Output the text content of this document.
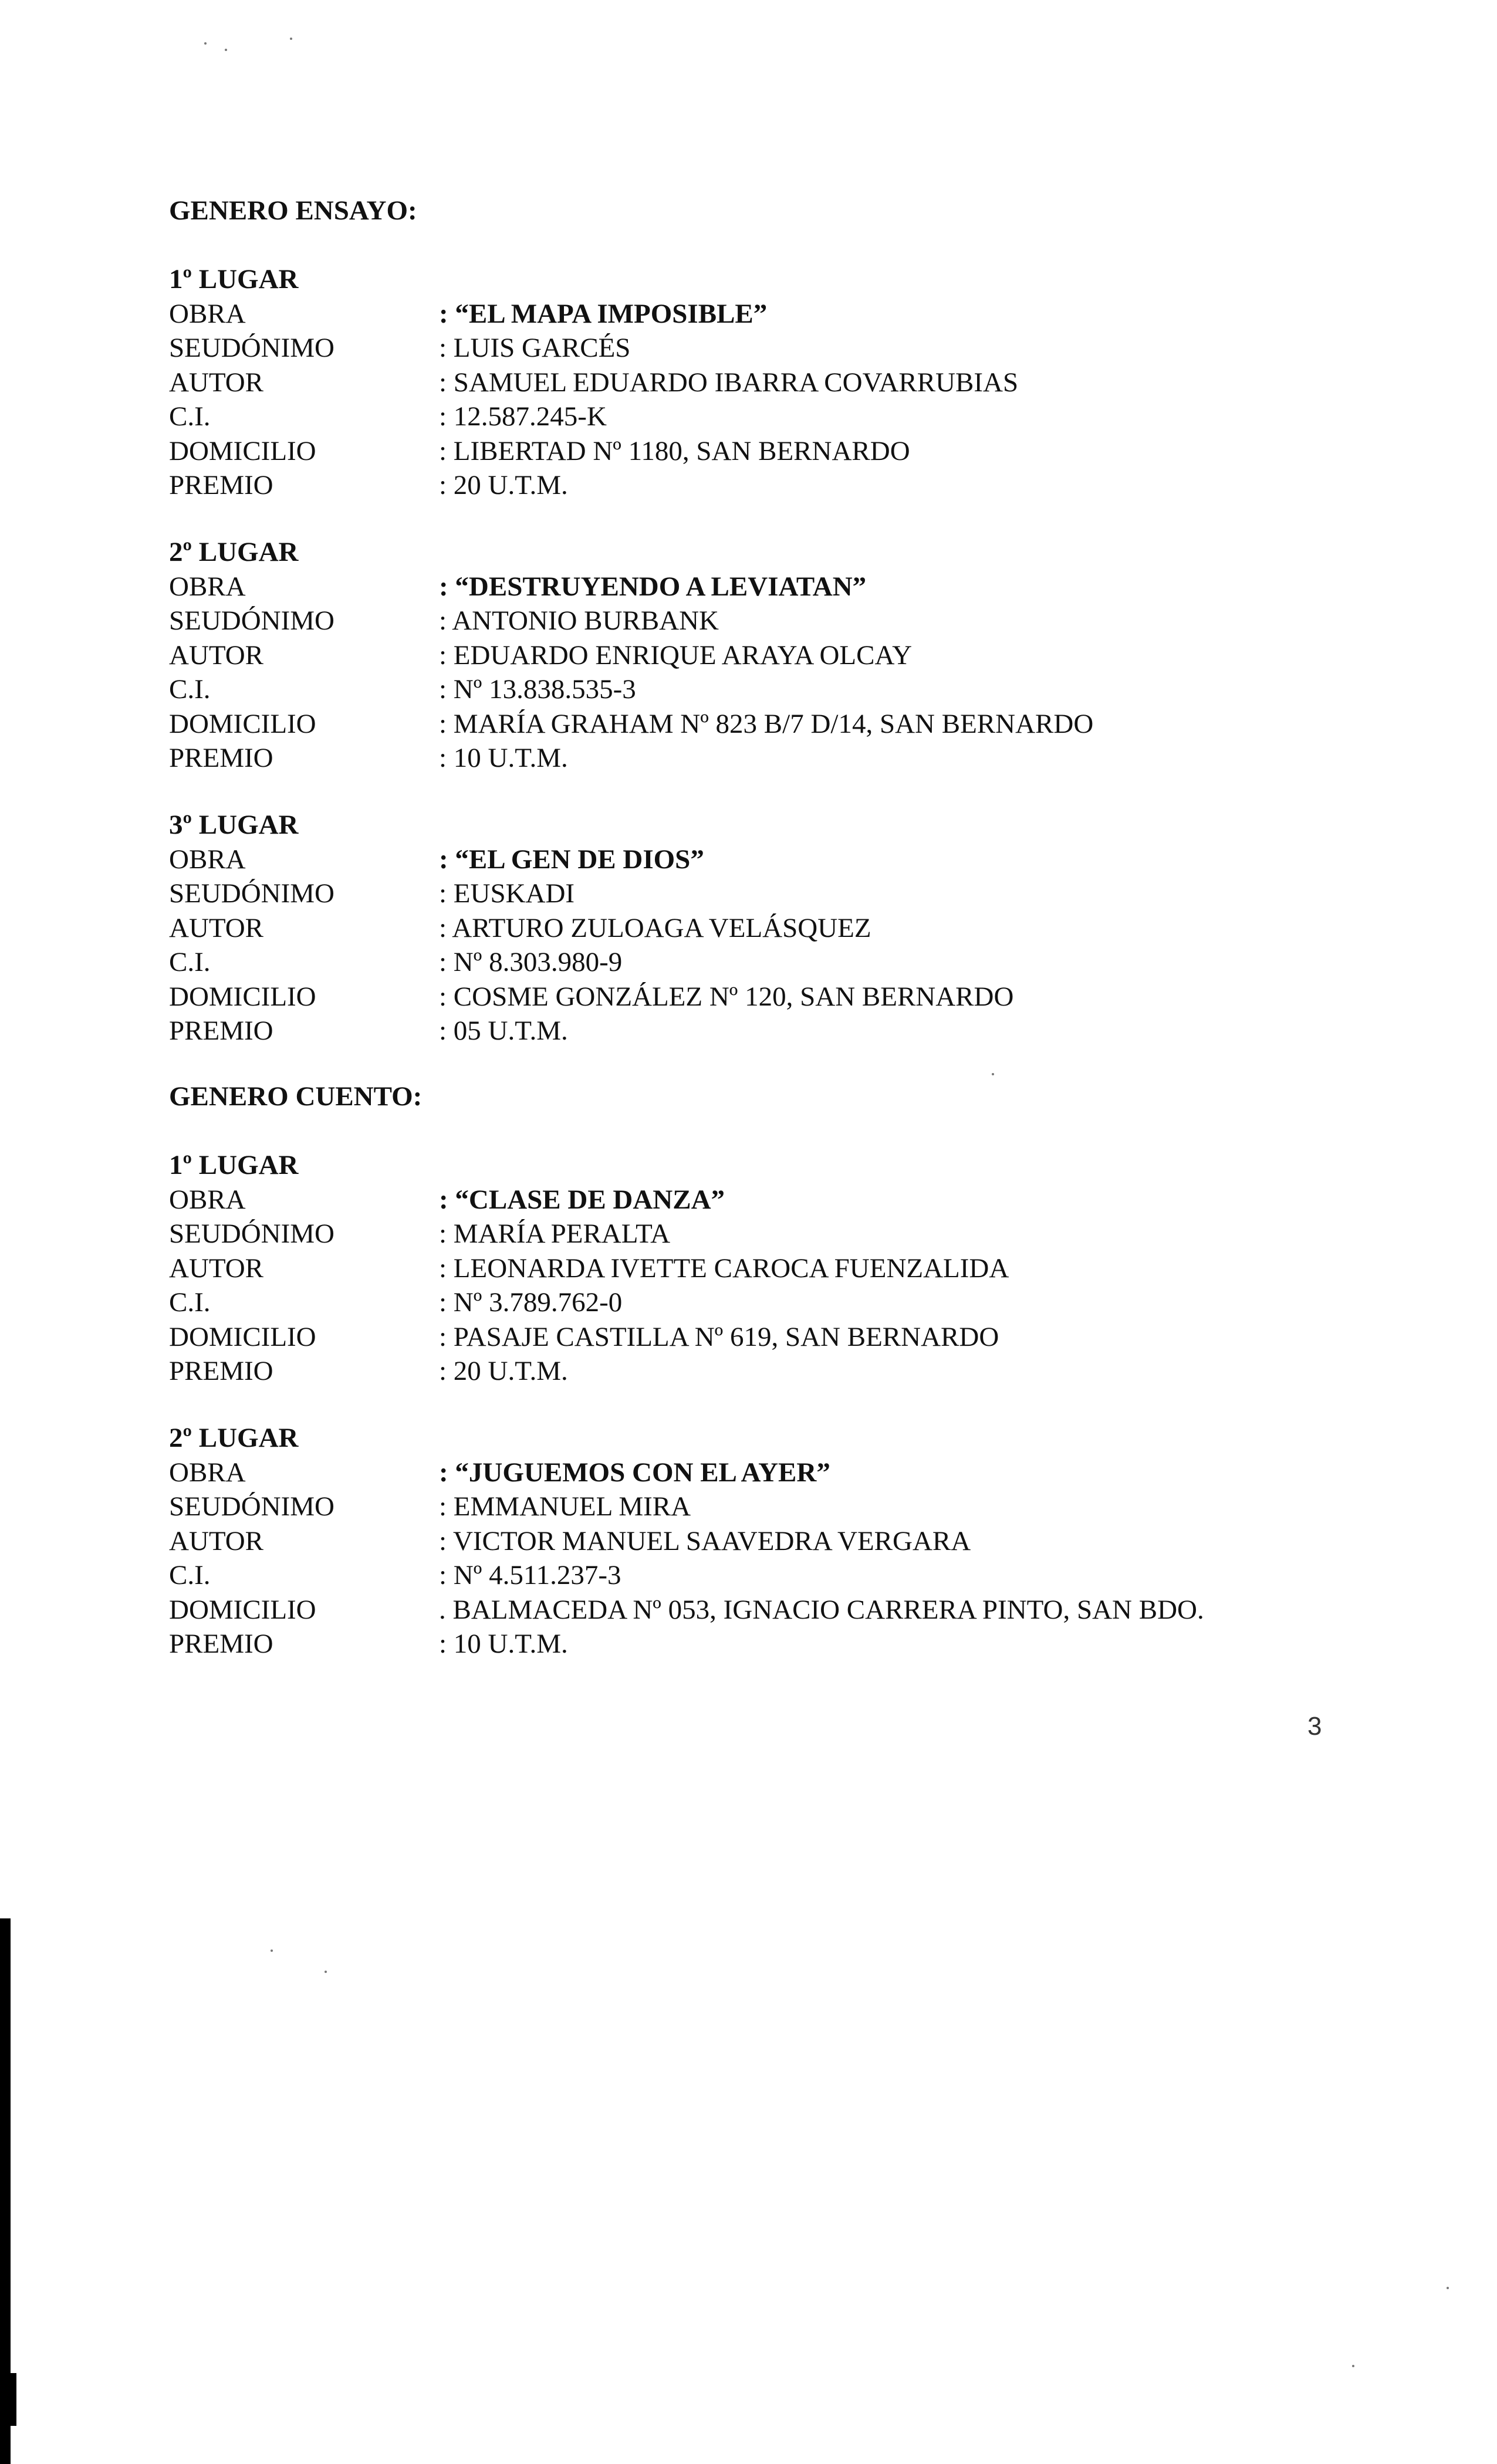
GENERO ENSAYO:
1º LUGAR
OBRA	: “EL MAPA IMPOSIBLE”
SEUDÓNIMO	: LUIS GARCÉS
AUTOR	: SAMUEL EDUARDO IBARRA COVARRUBIAS
C.I.	: 12.587.245-K
DOMICILIO	: LIBERTAD Nº 1180, SAN BERNARDO
PREMIO	: 20 U.T.M.
2º LUGAR
OBRA	: “DESTRUYENDO A LEVIATAN”
SEUDÓNIMO	: ANTONIO BURBANK
AUTOR	: EDUARDO ENRIQUE ARAYA OLCAY
C.I.	: Nº 13.838.535-3
DOMICILIO	: MARÍA GRAHAM Nº 823 B/7 D/14, SAN BERNARDO
PREMIO	: 10 U.T.M.
3º LUGAR
OBRA	: “EL GEN DE DIOS”
SEUDÓNIMO	: EUSKADI
AUTOR	: ARTURO ZULOAGA VELÁSQUEZ
C.I.	: Nº 8.303.980-9
DOMICILIO	: COSME GONZÁLEZ Nº 120, SAN BERNARDO
PREMIO	: 05 U.T.M.
GENERO CUENTO:
1º LUGAR
OBRA	: “CLASE DE DANZA”
SEUDÓNIMO	: MARÍA PERALTA
AUTOR	: LEONARDA IVETTE CAROCA FUENZALIDA
C.I.	: Nº 3.789.762-0
DOMICILIO	: PASAJE CASTILLA Nº 619, SAN BERNARDO
PREMIO	: 20 U.T.M.
2º LUGAR
OBRA	: “JUGUEMOS CON EL AYER”
SEUDÓNIMO	: EMMANUEL MIRA
AUTOR	: VICTOR MANUEL SAAVEDRA VERGARA
C.I.	: Nº 4.511.237-3
DOMICILIO	. BALMACEDA Nº 053, IGNACIO CARRERA PINTO, SAN BDO.
PREMIO	: 10 U.T.M.
3
